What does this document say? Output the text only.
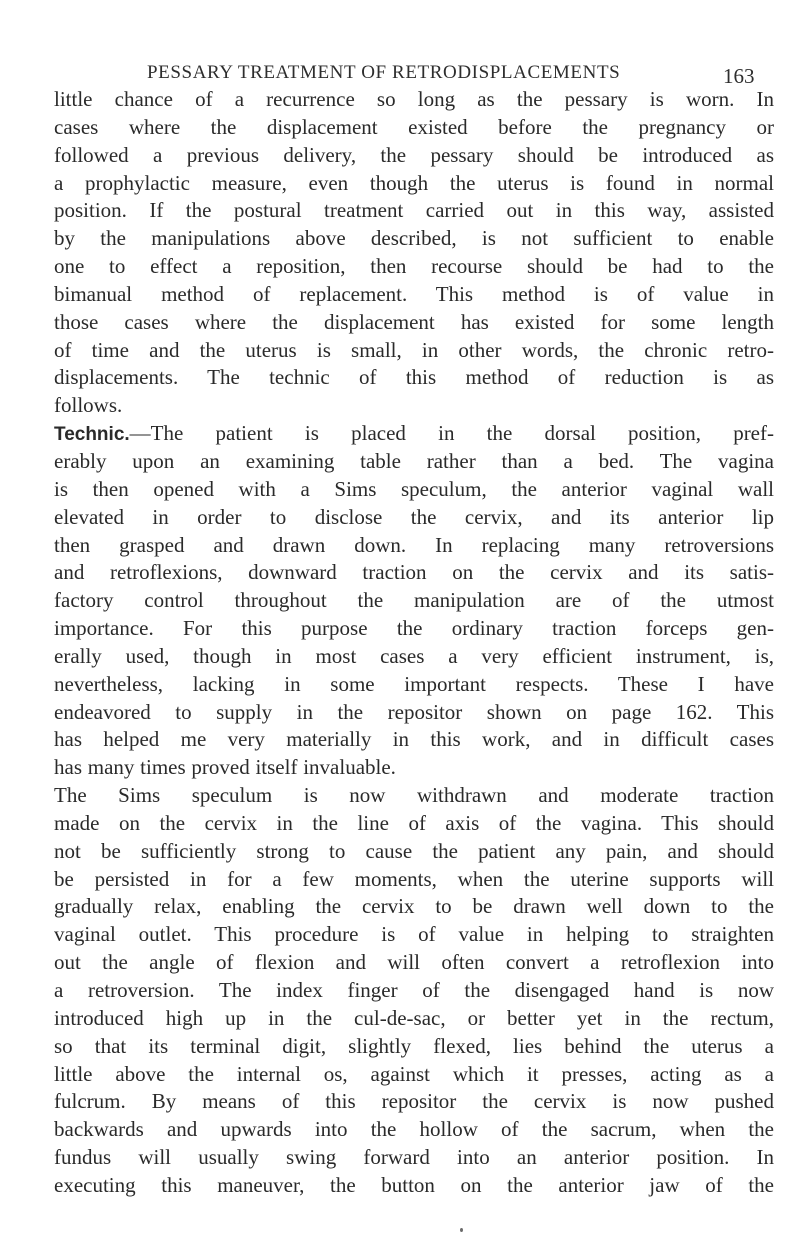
PESSARY TREATMENT OF RETRODISPLACEMENTS	163
little chance of a recurrence so long as the pessary is worn. In
cases where the displacement existed before the pregnancy or
followed a previous delivery, the pessary should be introduced as
a prophylactic measure, even though the uterus is found in normal
position. If the postural treatment carried out in this way, assisted
by the manipulations above described, is not sufficient to enable
one to effect a reposition, then recourse should be had to the
bimanual method of replacement. This method is of value in
those cases where the displacement has existed for some length
of time and the uterus is small, in other words, the chronic retro-
displacements. The technic of this method of reduction is as
follows.
Technic.—The patient is placed in the dorsal position, pref-
erably upon an examining table rather than a bed. The vagina
is then opened with a Sims speculum, the anterior vaginal wall
elevated in order to disclose the cervix, and its anterior lip
then grasped and drawn down. In replacing many retroversions
and retroflexions, downward traction on the cervix and its satis-
factory control throughout the manipulation are of the utmost
importance. For this purpose the ordinary traction forceps gen-
erally used, though in most cases a very efficient instrument, is,
nevertheless, lacking in some important respects. These I have
endeavored to supply in the repositor shown on page 162. This
has helped me very materially in this work, and in difficult cases
has many times proved itself invaluable.
The Sims speculum is now withdrawn and moderate traction
made on the cervix in the line of axis of the vagina. This should
not be sufficiently strong to cause the patient any pain, and should
be persisted in for a few moments, when the uterine supports will
gradually relax, enabling the cervix to be drawn well down to the
vaginal outlet. This procedure is of value in helping to straighten
out the angle of flexion and will often convert a retroflexion into
a retroversion. The index finger of the disengaged hand is now
introduced high up in the cul-de-sac, or better yet in the rectum,
so that its terminal digit, slightly flexed, lies behind the uterus a
little above the internal os, against which it presses, acting as a
fulcrum. By means of this repositor the cervix is now pushed
backwards and upwards into the hollow of the sacrum, when the
fundus will usually swing forward into an anterior position. In
executing this maneuver, the button on the anterior jaw of the
